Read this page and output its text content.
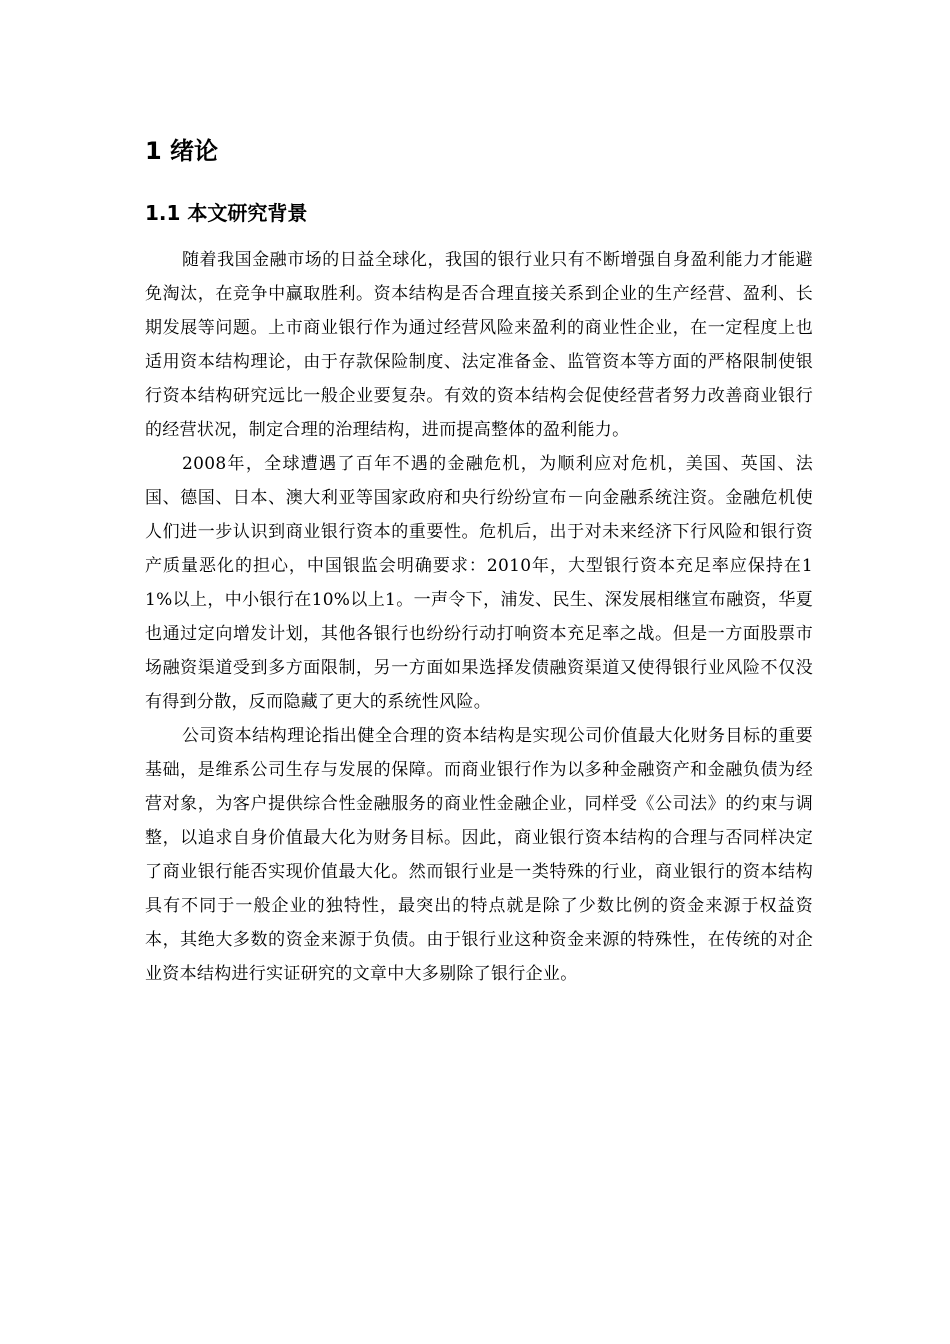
1 绪论
1.1 本文研究背景

随着我国金融市场的日益全球化，我国的银行业只有不断增强自身盈利能力才能避免淘汰，在竞争中赢取胜利。资本结构是否合理直接关系到企业的生产经营、盈利、长期发展等问题。上市商业银行作为通过经营风险来盈利的商业性企业，在一定程度上也适用资本结构理论，由于存款保险制度、法定准备金、监管资本等方面的严格限制使银行资本结构研究远比一般企业要复杂。有效的资本结构会促使经营者努力改善商业银行的经营状况，制定合理的治理结构，进而提高整体的盈利能力。

2008年，全球遭遇了百年不遇的金融危机，为顺利应对危机，美国、英国、法国、德国、日本、澳大利亚等国家政府和央行纷纷宣布－向金融系统注资。金融危机使人们进一步认识到商业银行资本的重要性。危机后，出于对未来经济下行风险和银行资产质量恶化的担心，中国银监会明确要求：2010年，大型银行资本充足率应保持在11%以上，中小银行在10%以上1。一声令下，浦发、民生、深发展相继宣布融资，华夏也通过定向增发计划，其他各银行也纷纷行动打响资本充足率之战。但是一方面股票市场融资渠道受到多方面限制，另一方面如果选择发债融资渠道又使得银行业风险不仅没有得到分散，反而隐藏了更大的系统性风险。

公司资本结构理论指出健全合理的资本结构是实现公司价值最大化财务目标的重要基础，是维系公司生存与发展的保障。而商业银行作为以多种金融资产和金融负债为经营对象，为客户提供综合性金融服务的商业性金融企业，同样受《公司法》的约束与调整，以追求自身价值最大化为财务目标。因此，商业银行资本结构的合理与否同样决定了商业银行能否实现价值最大化。然而银行业是一类特殊的行业，商业银行的资本结构具有不同于一般企业的独特性，最突出的特点就是除了少数比例的资金来源于权益资本，其绝大多数的资金来源于负债。由于银行业这种资金来源的特殊性，在传统的对企业资本结构进行实证研究的文章中大多剔除了银行企业。
